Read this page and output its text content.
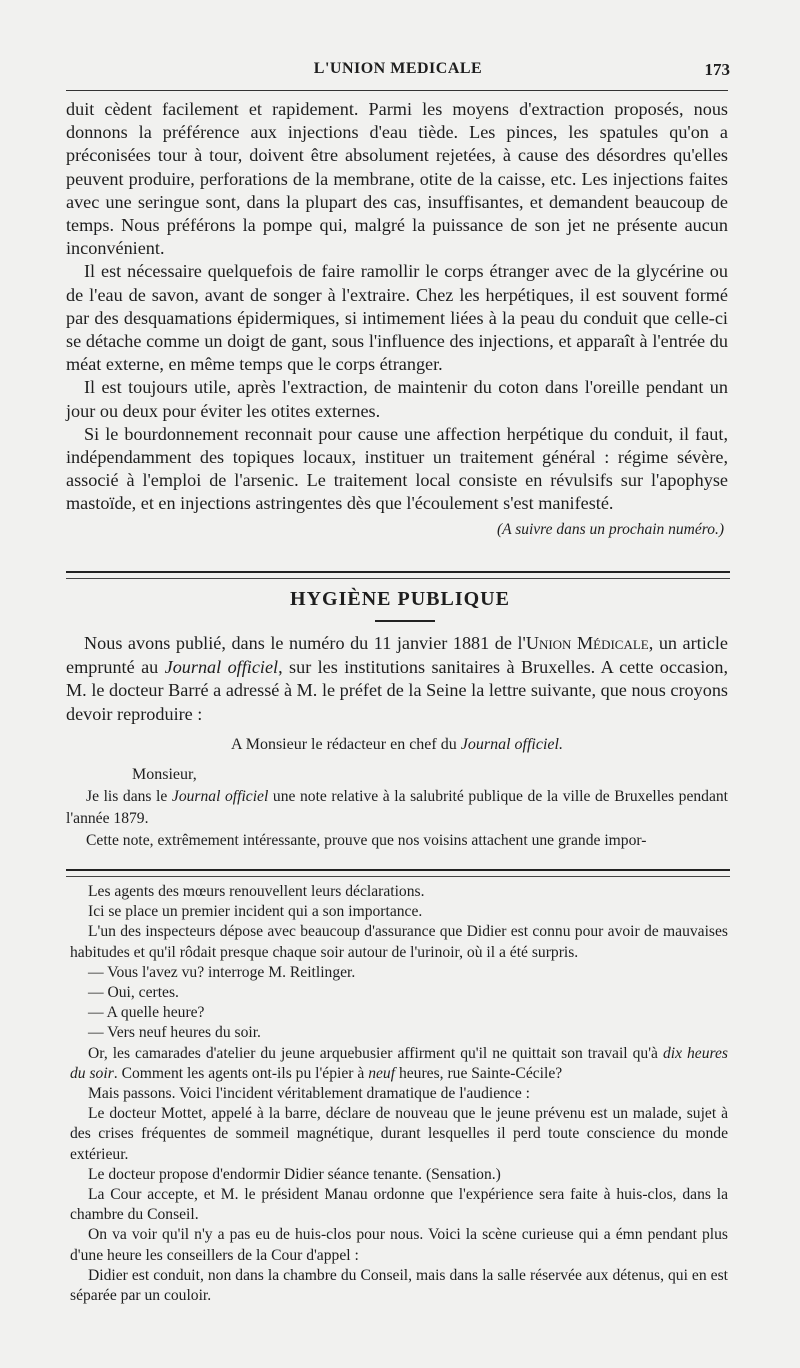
L'UNION MEDICALE	173

duit cèdent facilement et rapidement. Parmi les moyens d'extraction proposés, nous donnons la préférence aux injections d'eau tiède. Les pinces, les spatules qu'on a préconisées tour à tour, doivent être absolument rejetées, à cause des désordres qu'elles peuvent produire, perforations de la membrane, otite de la caisse, etc. Les injections faites avec une seringue sont, dans la plupart des cas, insuffisantes, et demandent beaucoup de temps. Nous préférons la pompe qui, malgré la puissance de son jet ne présente aucun inconvénient.

Il est nécessaire quelquefois de faire ramollir le corps étranger avec de la glycérine ou de l'eau de savon, avant de songer à l'extraire. Chez les herpétiques, il est souvent formé par des desquamations épidermiques, si intimement liées à la peau du conduit que celle-ci se détache comme un doigt de gant, sous l'influence des injections, et apparaît à l'entrée du méat externe, en même temps que le corps étranger.

Il est toujours utile, après l'extraction, de maintenir du coton dans l'oreille pendant un jour ou deux pour éviter les otites externes.

Si le bourdonnement reconnait pour cause une affection herpétique du conduit, il faut, indépendamment des topiques locaux, instituer un traitement général : régime sévère, associé à l'emploi de l'arsenic. Le traitement local consiste en révulsifs sur l'apophyse mastoïde, et en injections astringentes dès que l'écoulement s'est manifesté.

(A suivre dans un prochain numéro.)

HYGIÈNE PUBLIQUE

Nous avons publié, dans le numéro du 11 janvier 1881 de l'Union Médicale, un article emprunté au Journal officiel, sur les institutions sanitaires à Bruxelles. A cette occasion, M. le docteur Barré a adressé à M. le préfet de la Seine la lettre suivante, que nous croyons devoir reproduire :

A Monsieur le rédacteur en chef du Journal officiel.

Monsieur,

Je lis dans le Journal officiel une note relative à la salubrité publique de la ville de Bruxelles pendant l'année 1879.

Cette note, extrêmement intéressante, prouve que nos voisins attachent une grande impor-

Les agents des mœurs renouvellent leurs déclarations.

Ici se place un premier incident qui a son importance.

L'un des inspecteurs dépose avec beaucoup d'assurance que Didier est connu pour avoir de mauvaises habitudes et qu'il rôdait presque chaque soir autour de l'urinoir, où il a été surpris.

— Vous l'avez vu? interroge M. Reitlinger.

— Oui, certes.

— A quelle heure?

— Vers neuf heures du soir.

Or, les camarades d'atelier du jeune arquebusier affirment qu'il ne quittait son travail qu'à dix heures du soir. Comment les agents ont-ils pu l'épier à neuf heures, rue Sainte-Cécile?

Mais passons. Voici l'incident véritablement dramatique de l'audience :

Le docteur Mottet, appelé à la barre, déclare de nouveau que le jeune prévenu est un malade, sujet à des crises fréquentes de sommeil magnétique, durant lesquelles il perd toute conscience du monde extérieur.

Le docteur propose d'endormir Didier séance tenante. (Sensation.)

La Cour accepte, et M. le président Manau ordonne que l'expérience sera faite à huis-clos, dans la chambre du Conseil.

On va voir qu'il n'y a pas eu de huis-clos pour nous. Voici la scène curieuse qui a émn pendant plus d'une heure les conseillers de la Cour d'appel :

Didier est conduit, non dans la chambre du Conseil, mais dans la salle réservée aux détenus, qui en est séparée par un couloir.
